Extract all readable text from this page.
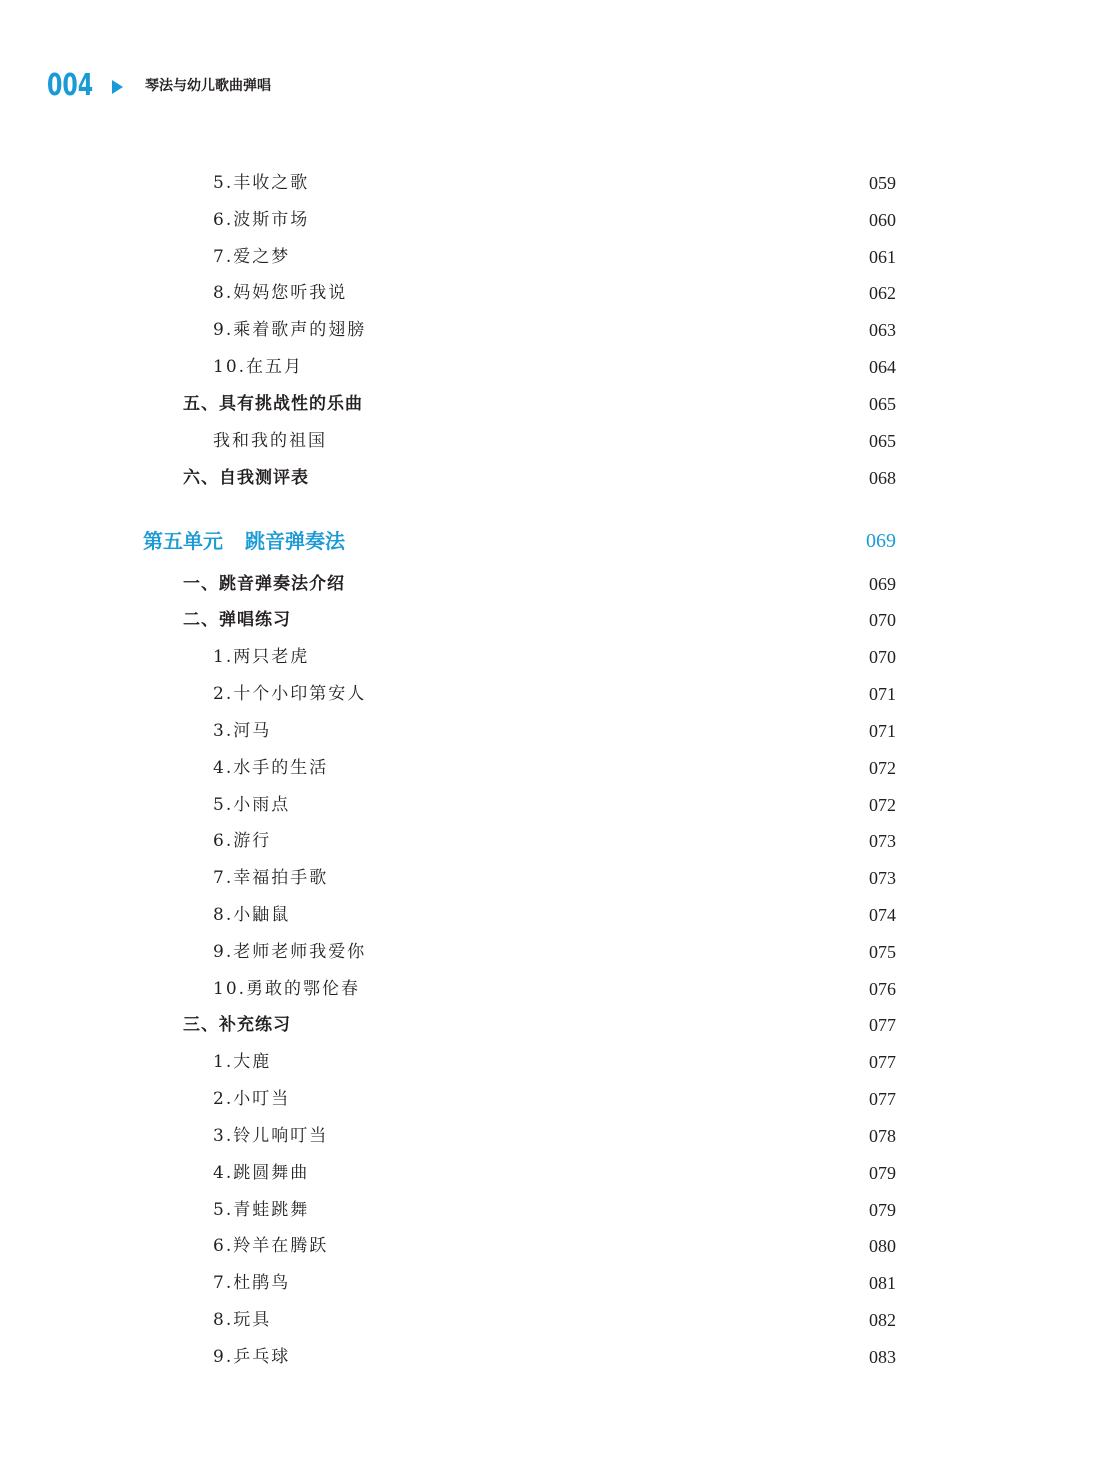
004	琴法与幼儿歌曲弹唱
5.丰收之歌	059
6.波斯市场	060
7.爱之梦	061
8.妈妈您听我说	062
9.乘着歌声的翅膀	063
10.在五月	064
五、具有挑战性的乐曲	065
我和我的祖国	065
六、自我测评表	068
第五单元 跳音弹奏法	069
一、跳音弹奏法介绍	069
二、弹唱练习	070
1.两只老虎	070
2.十个小印第安人	071
3.河马	071
4.水手的生活	072
5.小雨点	072
6.游行	073
7.幸福拍手歌	073
8.小鼬鼠	074
9.老师老师我爱你	075
10.勇敢的鄂伦春	076
三、补充练习	077
1.大鹿	077
2.小叮当	077
3.铃儿响叮当	078
4.跳圆舞曲	079
5.青蛙跳舞	079
6.羚羊在腾跃	080
7.杜鹃鸟	081
8.玩具	082
9.乒乓球	083
